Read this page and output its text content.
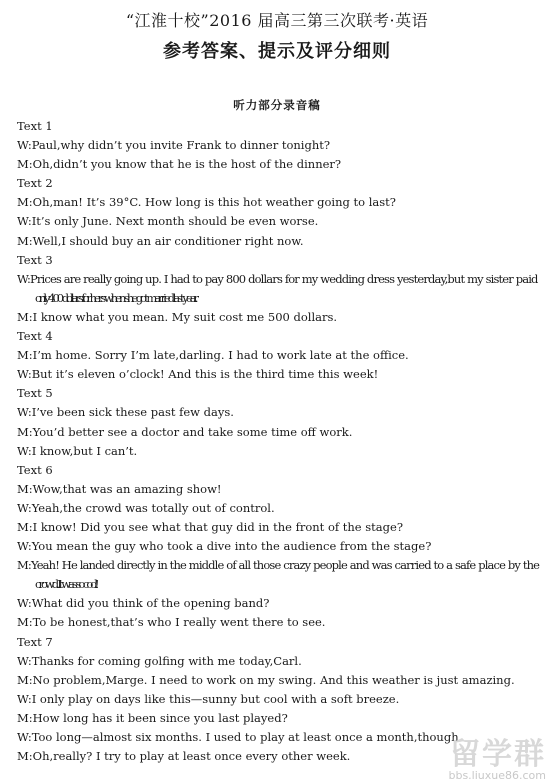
“江淮十校”2016 届高三第三次联考·英语
参考答案、提示及评分细则
听力部分录音稿
Text 1
W:Paul,why didn’t you invite Frank to dinner tonight?
M:Oh,didn’t you know that he is the host of the dinner?
Text 2
M:Oh,man! It’s 39°C. How long is this hot weather going to last?
W:It’s only June. Next month should be even worse.
M:Well,I should buy an air conditioner right now.
Text 3
W:Prices are really going up. I had to pay 800 dollars for my wedding dress yesterday,but my sister paid
only 400 dollars for hers when she got married last year.
M:I know what you mean. My suit cost me 500 dollars.
Text 4
M:I’m home. Sorry I’m late,darling. I had to work late at the office.
W:But it’s eleven o’clock! And this is the third time this week!
Text 5
W:I’ve been sick these past few days.
M:You’d better see a doctor and take some time off work.
W:I know,but I can’t.
Text 6
M:Wow,that was an amazing show!
W:Yeah,the crowd was totally out of control.
M:I know! Did you see what that guy did in the front of the stage?
W:You mean the guy who took a dive into the audience from the stage?
M:Yeah! He landed directly in the middle of all those crazy people and was carried to a safe place by the
crowd. It was so cool!
W:What did you think of the opening band?
M:To be honest,that’s who I really went there to see.
Text 7
W:Thanks for coming golfing with me today,Carl.
M:No problem,Marge. I need to work on my swing. And this weather is just amazing.
W:I only play on days like this—sunny but cool with a soft breeze.
M:How long has it been since you last played?
W:Too long—almost six months. I used to play at least once a month,though.
M:Oh,really? I try to play at least once every other week.	留学群
bbs.liuxue86.com
